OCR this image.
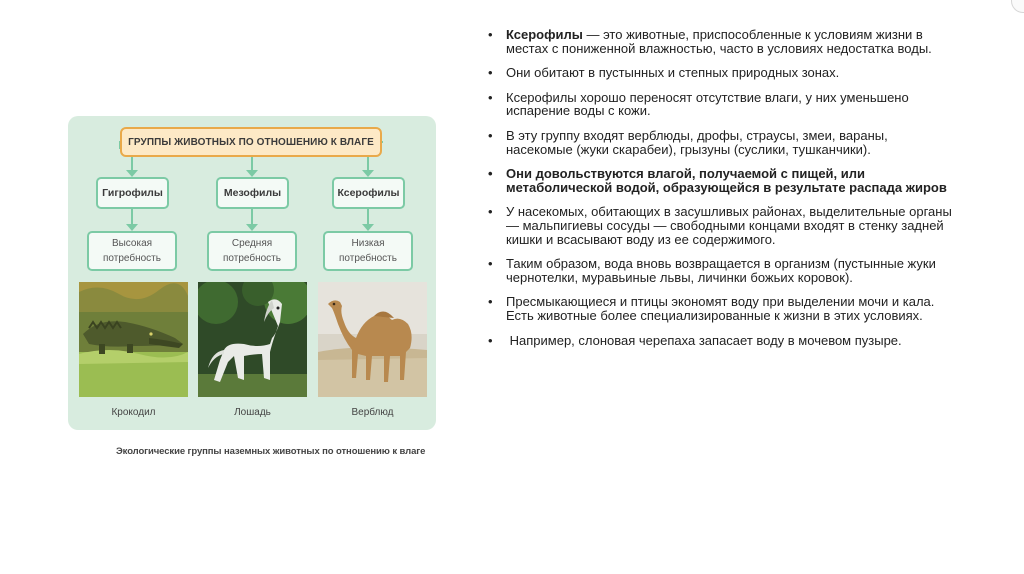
ГРУППЫ ЖИВОТНЫХ ПО ОТНОШЕНИЮ К ВЛАГЕ
Гигрофилы	Мезофилы	Ксерофилы
Высокая потребность
Средняя потребность
Низкая потребность
Крокодил	Лошадь	Верблюд
Экологические группы наземных животных по отношению к влаге
• Ксерофилы — это животные, приспособленные к условиям жизни в местах с пониженной влажностью, часто в условиях недостатка воды.
• Они обитают в пустынных и степных природных зонах.
• Ксерофилы хорошо переносят отсутствие влаги, у них уменьшено испарение воды с кожи.
• В эту группу входят верблюды, дрофы, страусы, змеи, вараны, насекомые (жуки скарабеи), грызуны (суслики, тушканчики).
• Они довольствуются влагой, получаемой с пищей, или метаболической водой, образующейся в результате распада жиров
• У насекомых, обитающих в засушливых районах, выделительные органы — мальпигиевы сосуды — свободными концами входят в стенку задней кишки и всасывают воду из ее содержимого.
• Таким образом, вода вновь возвращается в организм (пустынные жуки чернотелки, муравьиные львы, личинки божьих коровок).
• Пресмыкающиеся и птицы экономят воду при выделении мочи и кала. Есть животные более специализированные к жизни в этих условиях.
•  Например, слоновая черепаха запасает воду в мочевом пузыре.
